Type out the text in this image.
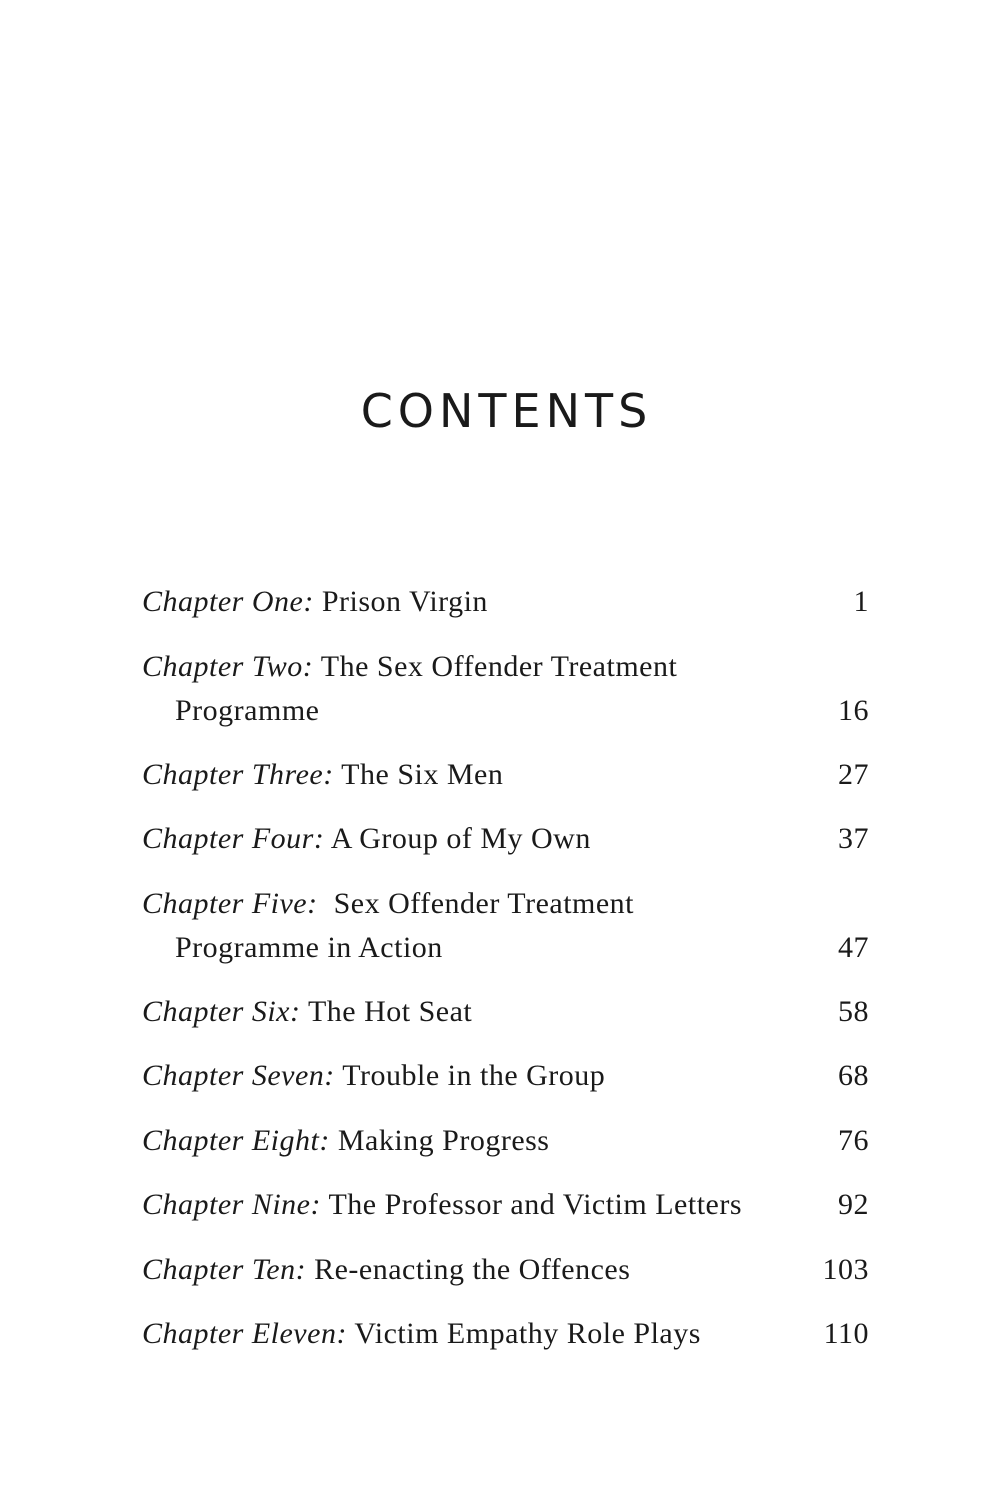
CONTENTS
Chapter One: Prison Virgin	1
Chapter Two: The Sex Offender Treatment
Programme	16
Chapter Three: The Six Men	27
Chapter Four: A Group of My Own	37
Chapter Five: Sex Offender Treatment
Programme in Action	47
Chapter Six: The Hot Seat	58
Chapter Seven: Trouble in the Group	68
Chapter Eight: Making Progress	76
Chapter Nine: The Professor and Victim Letters	92
Chapter Ten: Re-enacting the Offences	103
Chapter Eleven: Victim Empathy Role Plays	110
